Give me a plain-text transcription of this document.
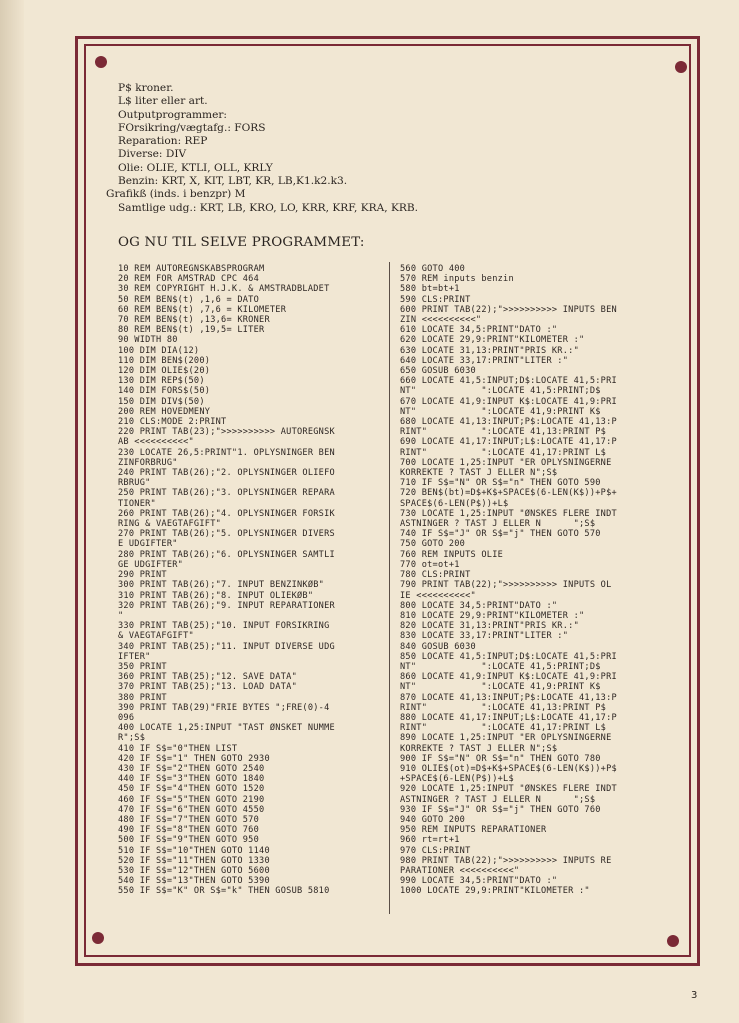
P$ kroner.
L$ liter eller art.
Outputprogrammer:
FOrsikring/vægtafg.: FORS
Reparation: REP
Diverse: DIV
Olie: OLIE, KTLI, OLL, KRLY
Benzin: KRT, X, KIT, LBT, KR, LB,K1.k2.k3.
Grafikß (inds. i benzpr) M
Samtlige udg.: KRT, LB, KRO, LO, KRR, KRF, KRA, KRB.
OG NU TIL SELVE PROGRAMMET:
10 REM AUTOREGNSKABSPROGRAM
20 REM FOR AMSTRAD CPC 464
30 REM COPYRIGHT H.J.K. & AMSTRADBLADET
50 REM BEN$(t) ,1,6 = DATO
60 REM BEN$(t) ,7,6 = KILOMETER
70 REM BEN$(t) ,13,6= KRONER
80 REM BEN$(t) ,19,5= LITER
90 WIDTH 80
100 DIM DIA(12)
110 DIM BEN$(200)
120 DIM OLIE$(20)
130 DIM REP$(50)
140 DIM FORS$(50)
150 DIM DIV$(50)
200 REM HOVEDMENY
210 CLS:MODE 2:PRINT
220 PRINT TAB(23);">>>>>>>>>> AUTOREGNSK
AB <<<<<<<<<<"
230 LOCATE 26,5:PRINT"1. OPLYSNINGER BEN
ZINFORBRUG"
240 PRINT TAB(26);"2. OPLYSNINGER OLIEFO
RBRUG"
250 PRINT TAB(26);"3. OPLYSNINGER REPARA
TIONER"
260 PRINT TAB(26);"4. OPLYSNINGER FORSIK
RING & VAEGTAFGIFT"
270 PRINT TAB(26);"5. OPLYSNINGER DIVERS
E UDGIFTER"
280 PRINT TAB(26);"6. OPLYSNINGER SAMTLI
GE UDGIFTER"
290 PRINT
300 PRINT TAB(26);"7. INPUT BENZINKØB"
310 PRINT TAB(26);"8. INPUT OLIEKØB"
320 PRINT TAB(26);"9. INPUT REPARATIONER
"
330 PRINT TAB(25);"10. INPUT FORSIKRING
& VAEGTAFGIFT"
340 PRINT TAB(25);"11. INPUT DIVERSE UDG
IFTER"
350 PRINT
360 PRINT TAB(25);"12. SAVE DATA"
370 PRINT TAB(25);"13. LOAD DATA"
380 PRINT
390 PRINT TAB(29)"FRIE BYTES ";FRE(0)-4
096
400 LOCATE 1,25:INPUT "TAST ØNSKET NUMME
R";S$
410 IF S$="0"THEN LIST
420 IF S$="1" THEN GOTO 2930
430 IF S$="2"THEN GOTO 2540
440 IF S$="3"THEN GOTO 1840
450 IF S$="4"THEN GOTO 1520
460 IF S$="5"THEN GOTO 2190
470 IF S$="6"THEN GOTO 4550
480 IF S$="7"THEN GOTO 570
490 IF S$="8"THEN GOTO 760
500 IF S$="9"THEN GOTO 950
510 IF S$="10"THEN GOTO 1140
520 IF S$="11"THEN GOTO 1330
530 IF S$="12"THEN GOTO 5600
540 IF S$="13"THEN GOTO 5390
550 IF S$="K" OR S$="k" THEN GOSUB 5810
560 GOTO 400
570 REM inputs benzin
580 bt=bt+1
590 CLS:PRINT
600 PRINT TAB(22);">>>>>>>>>> INPUTS BEN
ZIN <<<<<<<<<<"
610 LOCATE 34,5:PRINT"DATO :"
620 LOCATE 29,9:PRINT"KILOMETER :"
630 LOCATE 31,13:PRINT"PRIS KR.:"
640 LOCATE 33,17:PRINT"LITER :"
650 GOSUB 6030
660 LOCATE 41,5:INPUT;D$:LOCATE 41,5:PRI
NT"            ":LOCATE 41,5:PRINT;D$
670 LOCATE 41,9:INPUT K$:LOCATE 41,9:PRI
NT"            ":LOCATE 41,9:PRINT K$
680 LOCATE 41,13:INPUT;P$:LOCATE 41,13:P
RINT"          ":LOCATE 41,13:PRINT P$
690 LOCATE 41,17:INPUT;L$:LOCATE 41,17:P
RINT"          ":LOCATE 41,17:PRINT L$
700 LOCATE 1,25:INPUT "ER OPLYSNINGERNE
KORREKTE ? TAST J ELLER N";S$
710 IF S$="N" OR S$="n" THEN GOTO 590
720 BEN$(bt)=D$+K$+SPACE$(6-LEN(K$))+P$+
SPACE$(6-LEN(P$))+L$
730 LOCATE 1,25:INPUT "ØNSKES FLERE INDT
ASTNINGER ? TAST J ELLER N      ";S$
740 IF S$="J" OR S$="j" THEN GOTO 570
750 GOTO 200
760 REM INPUTS OLIE
770 ot=ot+1
780 CLS:PRINT
790 PRINT TAB(22);">>>>>>>>>> INPUTS OL
IE <<<<<<<<<<"
800 LOCATE 34,5:PRINT"DATO :"
810 LOCATE 29,9:PRINT"KILOMETER :"
820 LOCATE 31,13:PRINT"PRIS KR.:"
830 LOCATE 33,17:PRINT"LITER :"
840 GOSUB 6030
850 LOCATE 41,5:INPUT;D$:LOCATE 41,5:PRI
NT"            ":LOCATE 41,5:PRINT;D$
860 LOCATE 41,9:INPUT K$:LOCATE 41,9:PRI
NT"            ":LOCATE 41,9:PRINT K$
870 LOCATE 41,13:INPUT;P$:LOCATE 41,13:P
RINT"          ":LOCATE 41,13:PRINT P$
880 LOCATE 41,17:INPUT;L$:LOCATE 41,17:P
RINT"          ":LOCATE 41,17:PRINT L$
890 LOCATE 1,25:INPUT "ER OPLYSNINGERNE
KORREKTE ? TAST J ELLER N";S$
900 IF S$="N" OR S$="n" THEN GOTO 780
910 OLIE$(ot)=D$+K$+SPACE$(6-LEN(K$))+P$
+SPACE$(6-LEN(P$))+L$
920 LOCATE 1,25:INPUT "ØNSKES FLERE INDT
ASTNINGER ? TAST J ELLER N      ";S$
930 IF S$="J" OR S$="j" THEN GOTO 760
940 GOTO 200
950 REM INPUTS REPARATIONER
960 rt=rt+1
970 CLS:PRINT
980 PRINT TAB(22);">>>>>>>>>> INPUTS RE
PARATIONER <<<<<<<<<<"
990 LOCATE 34,5:PRINT"DATO :"
1000 LOCATE 29,9:PRINT"KILOMETER :"
3
